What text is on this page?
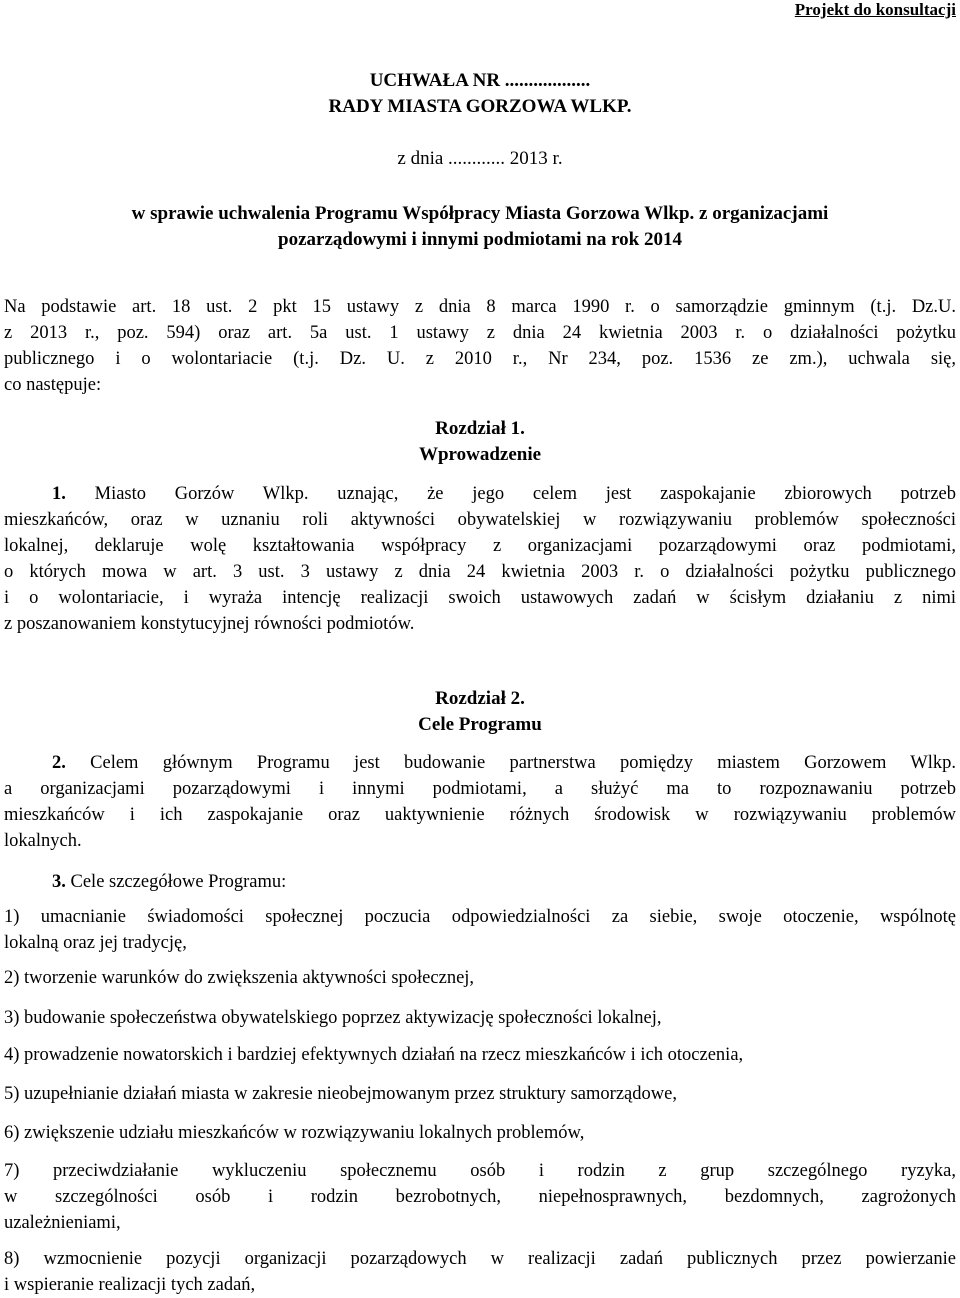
Projekt do konsultacji
UCHWAŁA NR ..................
RADY MIASTA GORZOWA WLKP.
z dnia ............ 2013 r.
w sprawie uchwalenia Programu Współpracy Miasta Gorzowa Wlkp. z organizacjami
pozarządowymi i innymi podmiotami na rok 2014
Na podstawie art. 18 ust. 2 pkt 15 ustawy z dnia 8 marca 1990 r. o samorządzie gminnym (t.j. Dz.U.
z 2013 r., poz. 594) oraz art. 5a ust. 1 ustawy z dnia 24 kwietnia 2003 r. o działalności pożytku
publicznego i o wolontariacie (t.j. Dz. U. z 2010 r., Nr 234, poz. 1536 ze zm.), uchwala się,
co następuje:
Rozdział 1.
Wprowadzenie
1. Miasto Gorzów Wlkp. uznając, że jego celem jest zaspokajanie zbiorowych potrzeb
mieszkańców, oraz w uznaniu roli aktywności obywatelskiej w rozwiązywaniu problemów społeczności
lokalnej, deklaruje wolę kształtowania współpracy z organizacjami pozarządowymi oraz podmiotami,
o których mowa w art. 3 ust. 3 ustawy z dnia 24 kwietnia 2003 r. o działalności pożytku publicznego
i o wolontariacie, i wyraża intencję realizacji swoich ustawowych zadań w ścisłym działaniu z nimi
z poszanowaniem konstytucyjnej równości podmiotów.
Rozdział 2.
Cele Programu
2. Celem głównym Programu jest budowanie partnerstwa pomiędzy miastem Gorzowem Wlkp.
a organizacjami pozarządowymi i innymi podmiotami, a służyć ma to rozpoznawaniu potrzeb
mieszkańców i ich zaspokajanie oraz uaktywnienie różnych środowisk w rozwiązywaniu problemów
lokalnych.
3. Cele szczegółowe Programu:
1) umacnianie świadomości społecznej poczucia odpowiedzialności za siebie, swoje otoczenie, wspólnotę
lokalną oraz jej tradycję,
2) tworzenie warunków do zwiększenia aktywności społecznej,
3) budowanie społeczeństwa obywatelskiego poprzez aktywizację społeczności lokalnej,
4) prowadzenie nowatorskich i bardziej efektywnych działań na rzecz mieszkańców i ich otoczenia,
5) uzupełnianie działań miasta w zakresie nieobejmowanym przez struktury samorządowe,
6) zwiększenie udziału mieszkańców w rozwiązywaniu lokalnych problemów,
7) przeciwdziałanie wykluczeniu społecznemu osób i rodzin z grup szczególnego ryzyka,
w szczególności osób i rodzin bezrobotnych, niepełnosprawnych, bezdomnych, zagrożonych
uzależnieniami,
8) wzmocnienie pozycji organizacji pozarządowych w realizacji zadań publicznych przez powierzanie
i wspieranie realizacji tych zadań,
